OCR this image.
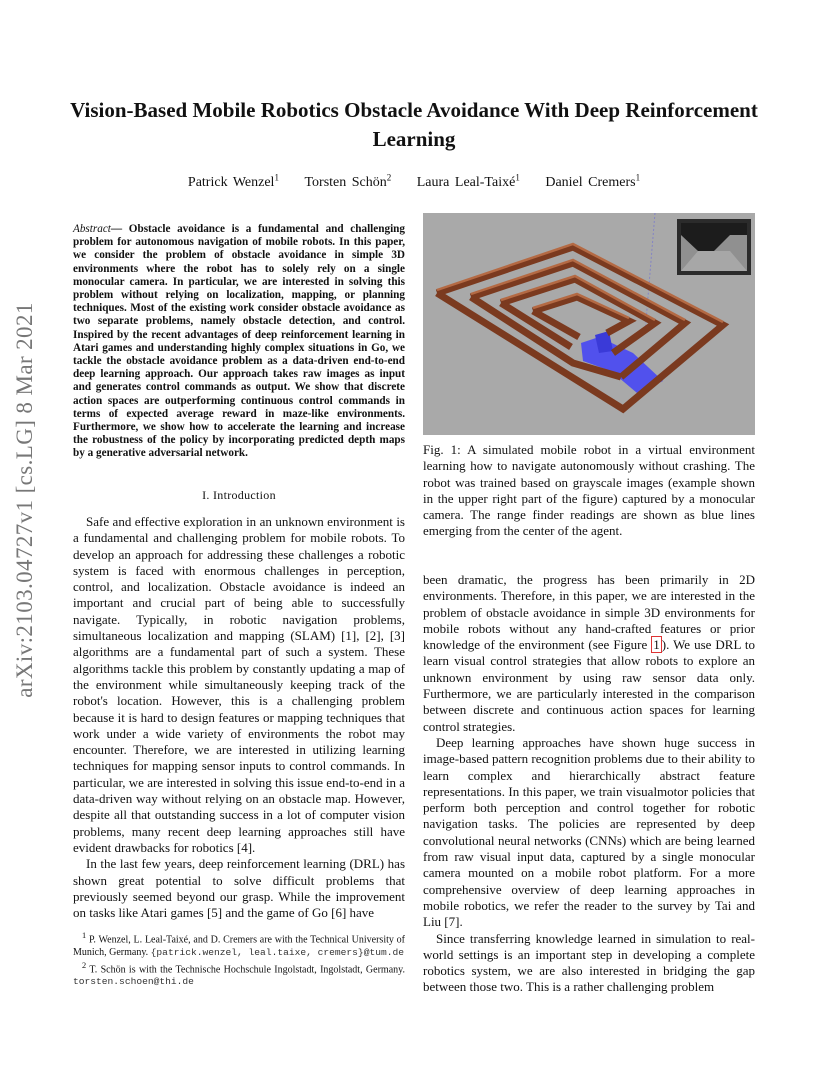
Vision-Based Mobile Robotics Obstacle Avoidance With Deep Reinforcement Learning
Patrick Wenzel$^1$ Torsten Schön$^2$ Laura Leal-Taixé$^1$ Daniel Cremers$^1$
arXiv:2103.04727v1 [cs.LG] 8 Mar 2021
Abstract— Obstacle avoidance is a fundamental and challenging problem for autonomous navigation of mobile robots. In this paper, we consider the problem of obstacle avoidance in simple 3D environments where the robot has to solely rely on a single monocular camera. In particular, we are interested in solving this problem without relying on localization, mapping, or planning techniques. Most of the existing work consider obstacle avoidance as two separate problems, namely obstacle detection, and control. Inspired by the recent advantages of deep reinforcement learning in Atari games and understanding highly complex situations in Go, we tackle the obstacle avoidance problem as a data-driven end-to-end deep learning approach. Our approach takes raw images as input and generates control commands as output. We show that discrete action spaces are outperforming continuous control commands in terms of expected average reward in maze-like environments. Furthermore, we show how to accelerate the learning and increase the robustness of the policy by incorporating predicted depth maps by a generative adversarial network.
I. Introduction

Safe and effective exploration in an unknown environment is a fundamental and challenging problem for mobile robots. To develop an approach for addressing these challenges a robotic system is faced with enormous challenges in perception, control, and localization. Obstacle avoidance is indeed an important and crucial part of being able to successfully navigate. Typically, in robotic navigation problems, simultaneous localization and mapping (SLAM) [1], [2], [3] algorithms are a fundamental part of such a system. These algorithms tackle this problem by constantly updating a map of the environment while simultaneously keeping track of the robot's location. However, this is a challenging problem because it is hard to design features or mapping techniques that work under a wide variety of environments the robot may encounter. Therefore, we are interested in utilizing learning techniques for mapping sensor inputs to control commands. In particular, we are interested in solving this issue end-to-end in a data-driven way without relying on an obstacle map. However, despite all that outstanding success in a lot of computer vision problems, many recent deep learning approaches still have evident drawbacks for robotics [4].

In the last few years, deep reinforcement learning (DRL) has shown great potential to solve difficult problems that previously seemed beyond our grasp. While the improvement on tasks like Atari games [5] and the game of Go [6] have

$^1$ P. Wenzel, L. Leal-Taixé, and D. Cremers are with the Technical University of Munich, Germany. {patrick.wenzel, leal.taixe, cremers}@tum.de

$^2$ T. Schön is with the Technische Hochschule Ingolstadt, Ingolstadt, Germany. torsten.schoen@thi.de

Fig. 1: A simulated mobile robot in a virtual environment learning how to navigate autonomously without crashing. The robot was trained based on grayscale images (example shown in the upper right part of the figure) captured by a monocular camera. The range finder readings are shown as blue lines emerging from the center of the agent.

been dramatic, the progress has been primarily in 2D environments. Therefore, in this paper, we are interested in the problem of obstacle avoidance in simple 3D environments for mobile robots without any hand-crafted features or prior knowledge of the environment (see Figure 1 ). We use DRL to learn visual control strategies that allow robots to explore an unknown environment by using raw sensor data only. Furthermore, we are particularly interested in the comparison between discrete and continuous action spaces for learning control strategies.

Deep learning approaches have shown huge success in image-based pattern recognition problems due to their ability to learn complex and hierarchically abstract feature representations. In this paper, we train visualmotor policies that perform both perception and control together for robotic navigation tasks. The policies are represented by deep convolutional neural networks (CNNs) which are being learned from raw visual input data, captured by a single monocular camera mounted on a mobile robot platform. For a more comprehensive overview of deep learning approaches in mobile robotics, we refer the reader to the survey by Tai and Liu [7].

Since transferring knowledge learned in simulation to real-world settings is an important step in developing a complete robotics system, we are also interested in bridging the gap between those two. This is a rather challenging problem
